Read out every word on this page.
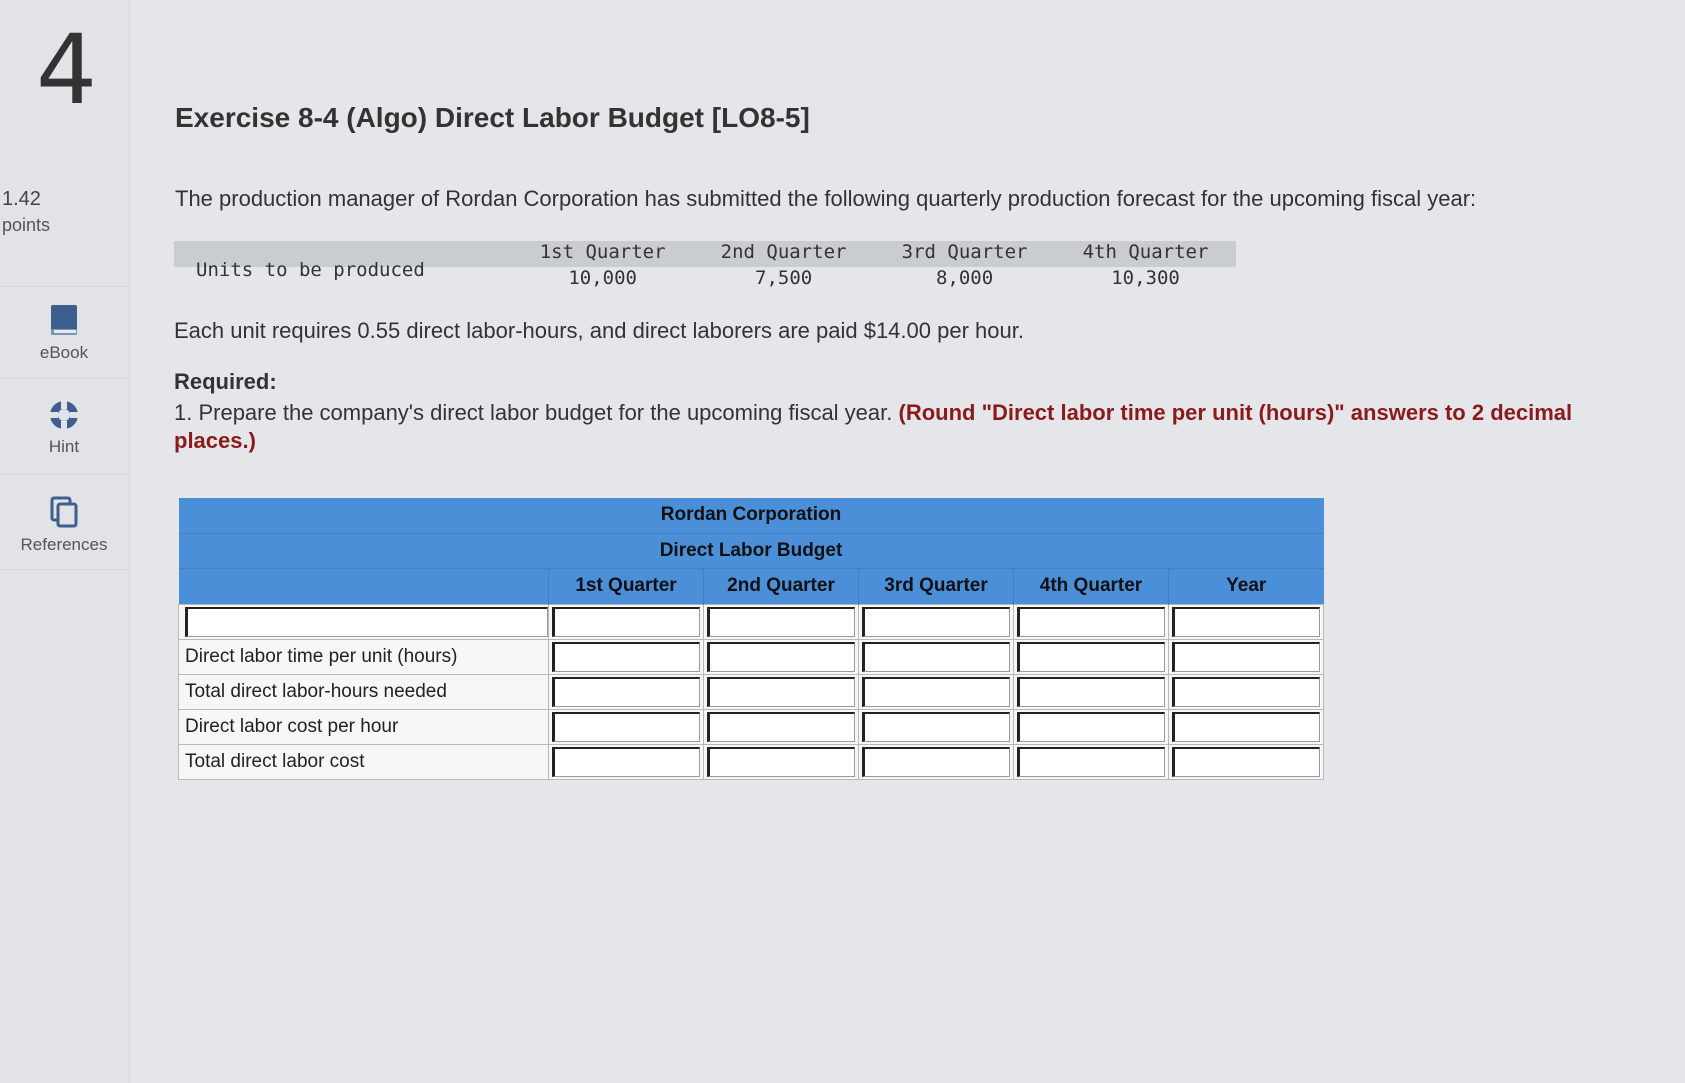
4
1.42
points
eBook
Hint
References
Exercise 8-4 (Algo) Direct Labor Budget [LO8-5]
The production manager of Rordan Corporation has submitted the following quarterly production forecast for the upcoming fiscal year:
1st Quarter	2nd Quarter	3rd Quarter	4th Quarter
Units to be produced	10,000	7,500	8,000	10,300
Each unit requires 0.55 direct labor-hours, and direct laborers are paid $14.00 per hour.
Required:
1. Prepare the company's direct labor budget for the upcoming fiscal year. (Round "Direct labor time per unit (hours)" answers to 2 decimal places.)
Rordan Corporation					
Direct Labor Budget					
	1st Quarter	2nd Quarter	3rd Quarter	4th Quarter	Year

Direct labor time per unit (hours)					
Total direct labor-hours needed					
Direct labor cost per hour					
Total direct labor cost					
